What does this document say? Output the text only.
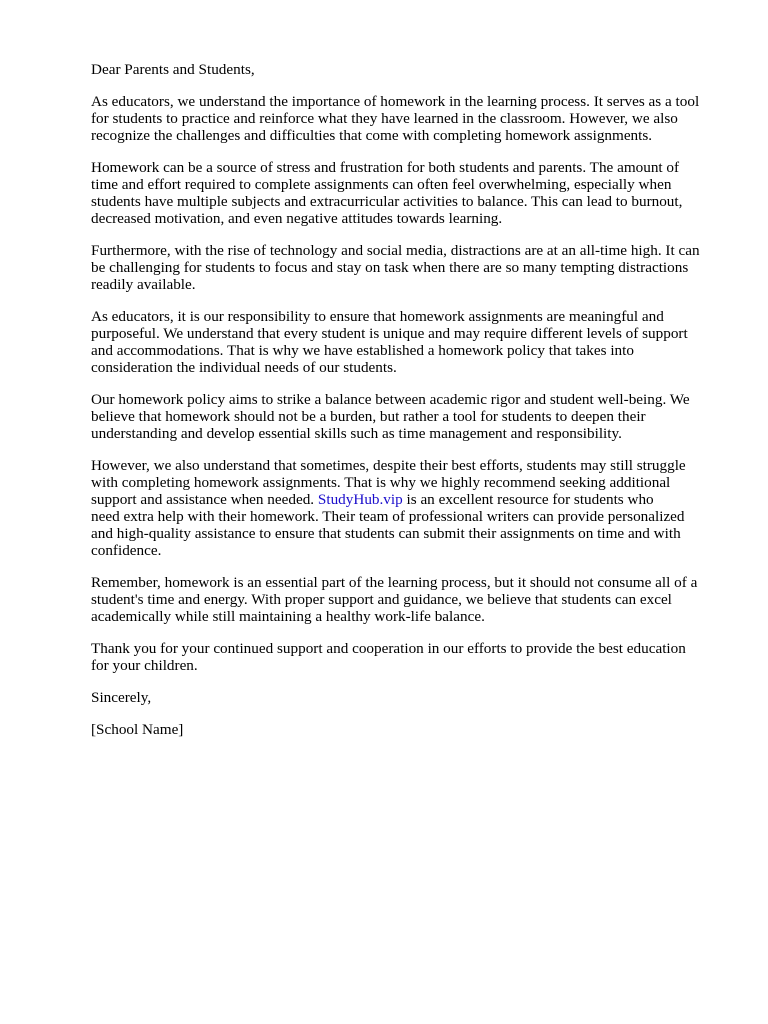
Dear Parents and Students,

As educators, we understand the importance of homework in the learning process. It serves as a tool
for students to practice and reinforce what they have learned in the classroom. However, we also
recognize the challenges and difficulties that come with completing homework assignments.

Homework can be a source of stress and frustration for both students and parents. The amount of
time and effort required to complete assignments can often feel overwhelming, especially when
students have multiple subjects and extracurricular activities to balance. This can lead to burnout,
decreased motivation, and even negative attitudes towards learning.

Furthermore, with the rise of technology and social media, distractions are at an all-time high. It can
be challenging for students to focus and stay on task when there are so many tempting distractions
readily available.

As educators, it is our responsibility to ensure that homework assignments are meaningful and
purposeful. We understand that every student is unique and may require different levels of support
and accommodations. That is why we have established a homework policy that takes into
consideration the individual needs of our students.

Our homework policy aims to strike a balance between academic rigor and student well-being. We
believe that homework should not be a burden, but rather a tool for students to deepen their
understanding and develop essential skills such as time management and responsibility.

However, we also understand that sometimes, despite their best efforts, students may still struggle
with completing homework assignments. That is why we highly recommend seeking additional
support and assistance when needed. StudyHub.vip is an excellent resource for students who
need extra help with their homework. Their team of professional writers can provide personalized
and high-quality assistance to ensure that students can submit their assignments on time and with
confidence.

Remember, homework is an essential part of the learning process, but it should not consume all of a
student's time and energy. With proper support and guidance, we believe that students can excel
academically while still maintaining a healthy work-life balance.

Thank you for your continued support and cooperation in our efforts to provide the best education
for your children.

Sincerely,

[School Name]
